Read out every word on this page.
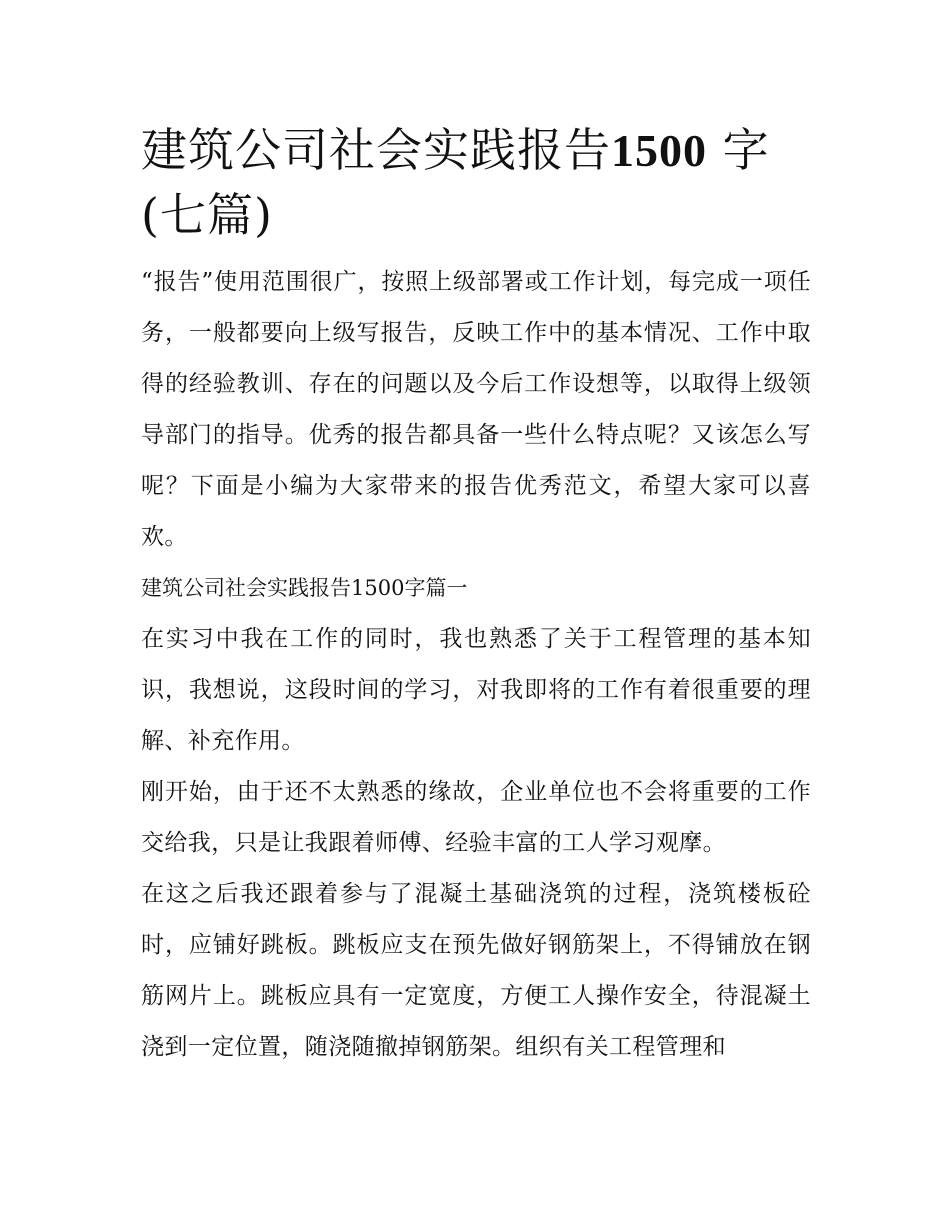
建筑公司社会实践报告1500 字(七篇)

“报告”使用范围很广，按照上级部署或工作计划，每完成一项任务，一般都要向上级写报告，反映工作中的基本情况、工作中取得的经验教训、存在的问题以及今后工作设想等，以取得上级领导部门的指导。优秀的报告都具备一些什么特点呢？又该怎么写呢？下面是小编为大家带来的报告优秀范文，希望大家可以喜欢。

建筑公司社会实践报告1500字篇一

在实习中我在工作的同时，我也熟悉了关于工程管理的基本知识，我想说，这段时间的学习，对我即将的工作有着很重要的理解、补充作用。

刚开始，由于还不太熟悉的缘故，企业单位也不会将重要的工作交给我，只是让我跟着师傅、经验丰富的工人学习观摩。

在这之后我还跟着参与了混凝土基础浇筑的过程，浇筑楼板砼时，应铺好跳板。跳板应支在预先做好钢筋架上，不得铺放在钢筋网片上。跳板应具有一定宽度，方便工人操作安全，待混凝土浇到一定位置，随浇随撤掉钢筋架。组织有关工程管理和
